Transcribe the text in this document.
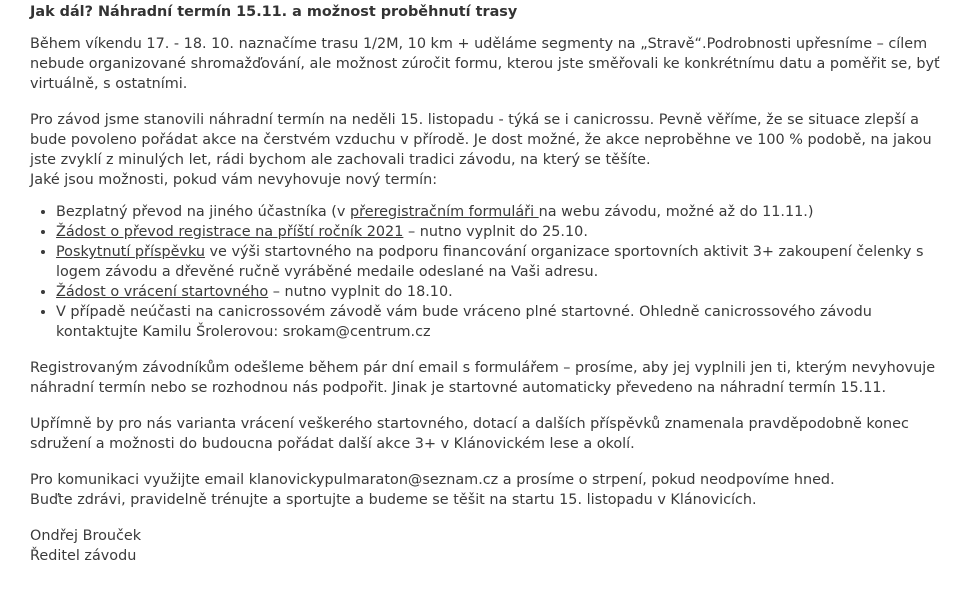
Jak dál? Náhradní termín 15.11. a možnost proběhnutí trasy

Během víkendu 17. - 18. 10. naznačíme trasu 1/2M, 10 km + uděláme segmenty na „Stravě“.Podrobnosti upřesníme – cílem nebude organizované shromažďování, ale možnost zúročit formu, kterou jste směřovali ke konkrétnímu datu a poměřit se, byť virtuálně, s ostatními.

Pro závod jsme stanovili náhradní termín na neděli 15. listopadu - týká se i canicrossu. Pevně věříme, že se situace zlepší a bude povoleno pořádat akce na čerstvém vzduchu v přírodě. Je dost možné, že akce neproběhne ve 100 % podobě, na jakou jste zvyklí z minulých let, rádi bychom ale zachovali tradici závodu, na který se těšíte.
Jaké jsou možnosti, pokud vám nevyhovuje nový termín:

• Bezplatný převod na jiného účastníka (v přeregistračním formuláři na webu závodu, možné až do 11.11.)
• Žádost o převod registrace na příští ročník 2021 – nutno vyplnit do 25.10.
• Poskytnutí příspěvku ve výši startovného na podporu financování organizace sportovních aktivit 3+ zakoupení čelenky s logem závodu a dřevěné ručně vyráběné medaile odeslané na Vaši adresu.
• Žádost o vrácení startovného – nutno vyplnit do 18.10.
• V případě neúčasti na canicrossovém závodě vám bude vráceno plné startovné. Ohledně canicrossového závodu kontaktujte Kamilu Šrolerovou: srokam@centrum.cz

Registrovaným závodníkům odešleme během pár dní email s formulářem – prosíme, aby jej vyplnili jen ti, kterým nevyhovuje náhradní termín nebo se rozhodnou nás podpořit. Jinak je startovné automaticky převedeno na náhradní termín 15.11.

Upřímně by pro nás varianta vrácení veškerého startovného, dotací a dalších příspěvků znamenala pravděpodobně konec sdružení a možnosti do budoucna pořádat další akce 3+ v Klánovickém lese a okolí.

Pro komunikaci využijte email klanovickypulmaraton@seznam.cz a prosíme o strpení, pokud neodpovíme hned.
Buďte zdrávi, pravidelně trénujte a sportujte a budeme se těšit na startu 15. listopadu v Klánovicích.

Ondřej Brouček
Ředitel závodu
